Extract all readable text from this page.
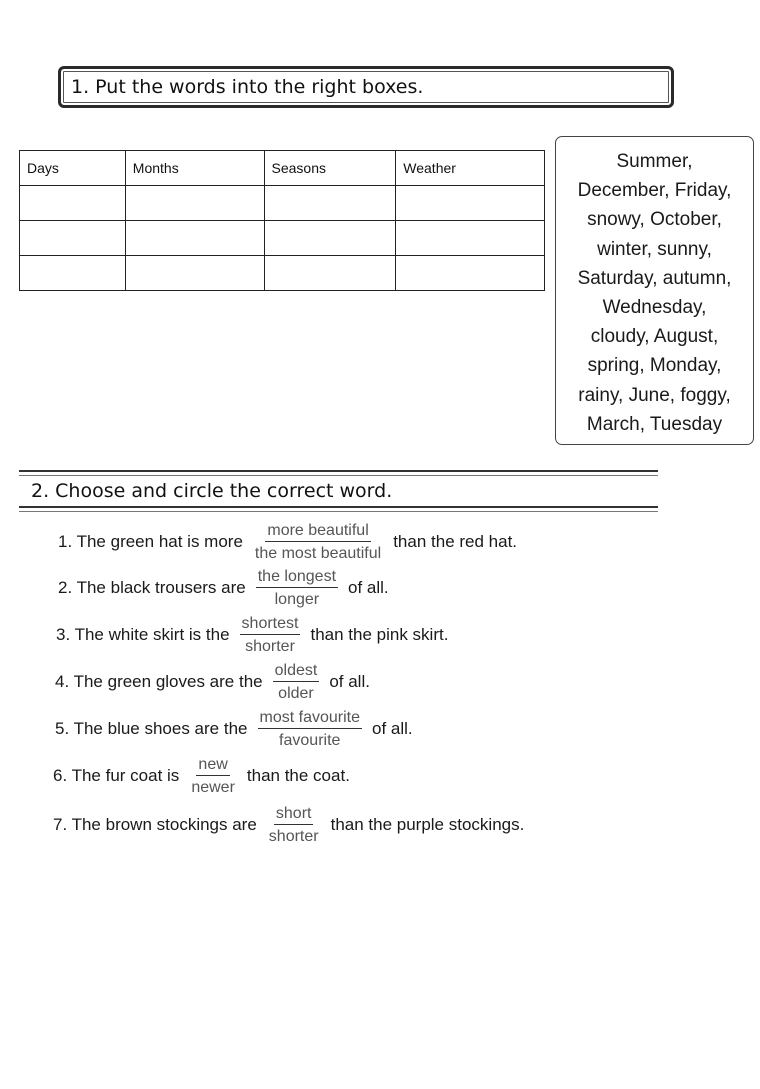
1. Put the words into the right boxes.
Days	Months	Seasons	Weather

				Summer,
December, Friday,
snowy, October,
winter, sunny,
Saturday, autumn,
Wednesday,
cloudy, August,
spring, Monday,
rainy, June, foggy,
March, Tuesday
2. Choose and circle the correct word.
1. The green hat is more $\frac{\text{more beautiful}}{\text{the most beautiful}}$ than the red hat.
2. The black trousers are $\frac{\text{the longest}}{\text{longer}}$ of all.
3. The white skirt is the $\frac{\text{shortest}}{\text{shorter}}$ than the pink skirt.
4. The green gloves are the $\frac{\text{oldest}}{\text{older}}$ of all.
5. The blue shoes are the $\frac{\text{most favourite}}{\text{favourite}}$ of all.
6. The fur coat is $\frac{\text{new}}{\text{newer}}$ than the coat.
7. The brown stockings are $\frac{\text{short}}{\text{shorter}}$ than the purple stockings.
